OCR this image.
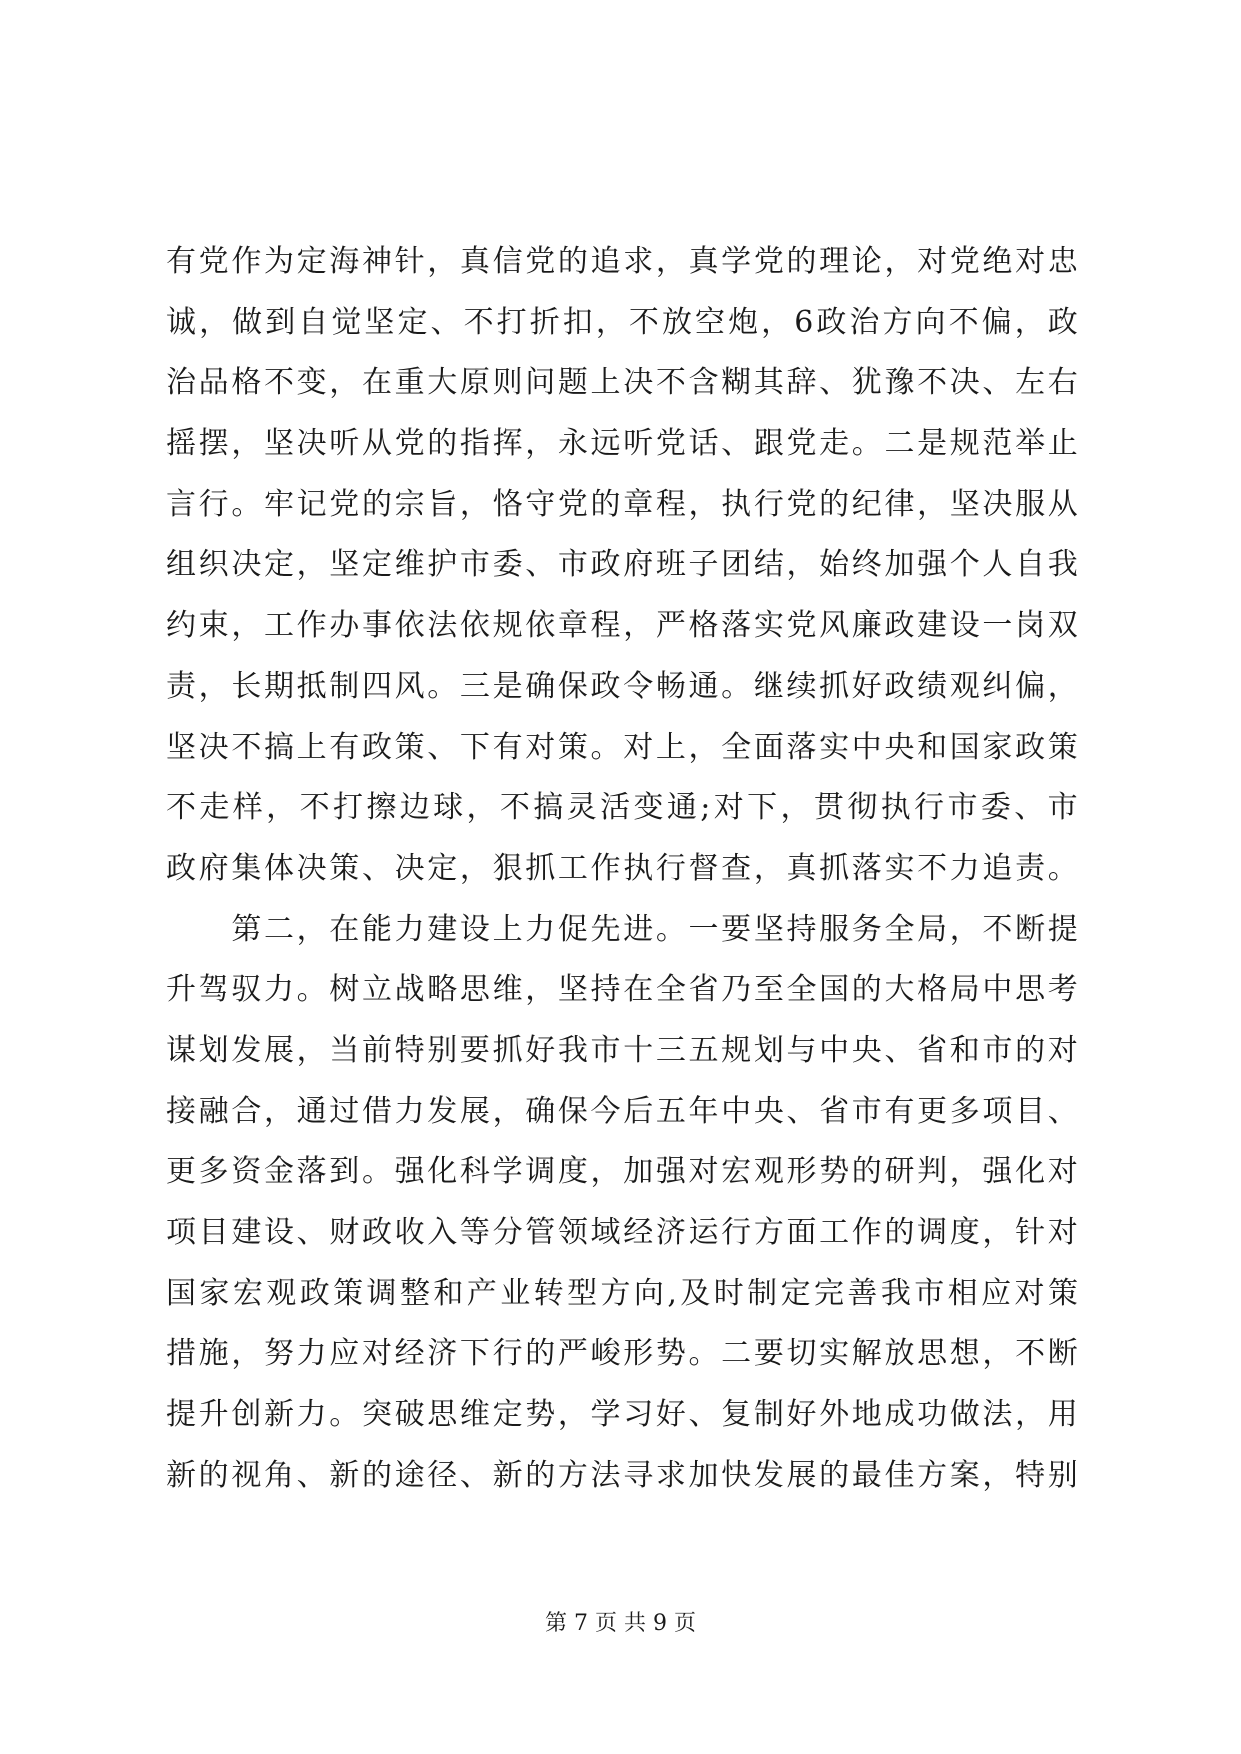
有 党 作 为 定 海 神 针 ， 真 信 党 的 追 求 ， 真 学 党 的 理 论 ， 对 党 绝 对 忠
诚 ， 做 到 自 觉 坚 定 、 不 打 折 扣 ， 不 放 空 炮 ， 6 政 治 方 向 不 偏 ， 政
治 品 格 不 变 ， 在 重 大 原 则 问 题 上 决 不 含 糊 其 辞 、 犹 豫 不 决 、 左 右
摇 摆 ， 坚 决 听 从 党 的 指 挥 ， 永 远 听 党 话 、 跟 党 走 。 二 是 规 范 举 止
言 行 。 牢 记 党 的 宗 旨 ， 恪 守 党 的 章 程 ， 执 行 党 的 纪 律 ， 坚 决 服 从
组 织 决 定 ， 坚 定 维 护 市 委 、 市 政 府 班 子 团 结 ， 始 终 加 强 个 人 自 我
约 束 ， 工 作 办 事 依 法 依 规 依 章 程 ， 严 格 落 实 党 风 廉 政 建 设 一 岗 双
责 ， 长 期 抵 制 四 风 。 三 是 确 保 政 令 畅 通 。 继 续 抓 好 政 绩 观 纠 偏 ，
坚 决 不 搞 上 有 政 策 、 下 有 对 策 。 对 上 ， 全 面 落 实 中 央 和 国 家 政 策
不 走 样 ， 不 打 擦 边 球 ， 不 搞 灵 活 变 通 ; 对 下 ， 贯 彻 执 行 市 委 、 市
政 府 集 体 决 策 、 决 定 ， 狠 抓 工 作 执 行 督 查 ， 真 抓 落 实 不 力 追 责 。

第 二 ， 在 能 力 建 设 上 力 促 先 进 。 一 要 坚 持 服 务 全 局 ， 不 断 提
升 驾 驭 力 。 树 立 战 略 思 维 ， 坚 持 在 全 省 乃 至 全 国 的 大 格 局 中 思 考
谋 划 发 展 ， 当 前 特 别 要 抓 好 我 市 十 三 五 规 划 与 中 央 、 省 和 市 的 对
接 融 合 ， 通 过 借 力 发 展 ， 确 保 今 后 五 年 中 央 、 省 市 有 更 多 项 目 、
更 多 资 金 落 到 。 强 化 科 学 调 度 ， 加 强 对 宏 观 形 势 的 研 判 ， 强 化 对
项 目 建 设 、 财 政 收 入 等 分 管 领 域 经 济 运 行 方 面 工 作 的 调 度 ， 针 对
国 家 宏 观 政 策 调 整 和 产 业 转 型 方 向 , 及 时 制 定 完 善 我 市 相 应 对 策
措 施 ， 努 力 应 对 经 济 下 行 的 严 峻 形 势 。 二 要 切 实 解 放 思 想 ， 不 断
提 升 创 新 力 。 突 破 思 维 定 势 ， 学 习 好 、 复 制 好 外 地 成 功 做 法 ， 用
新 的 视 角 、 新 的 途 径 、 新 的 方 法 寻 求 加 快 发 展 的 最 佳 方 案 ， 特 别
第 7 页 共 9 页
